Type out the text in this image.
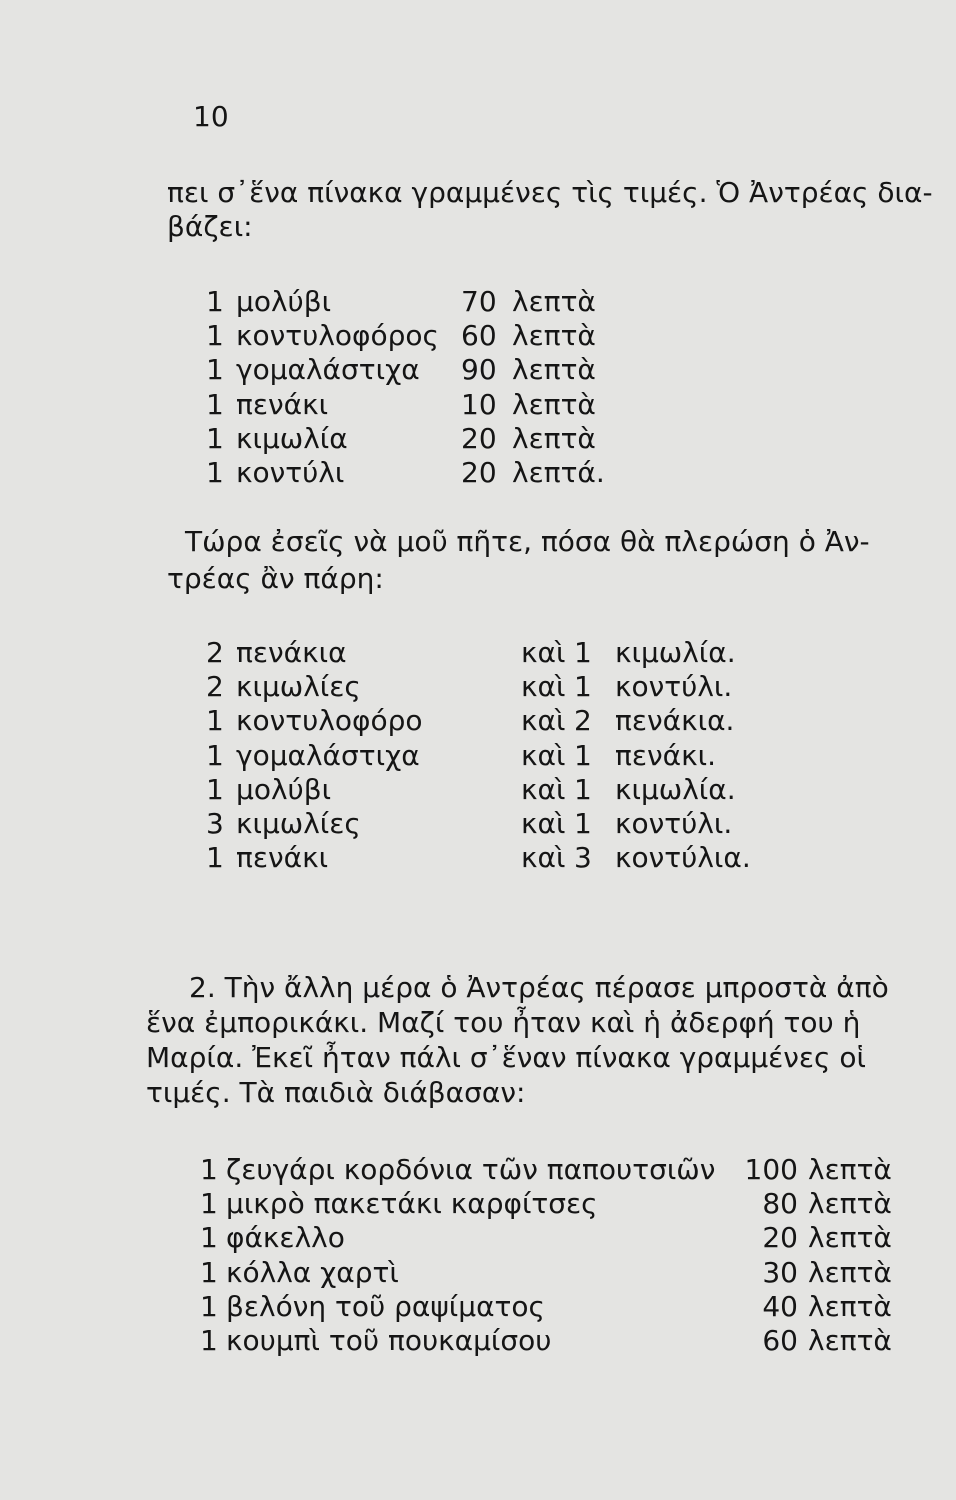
10
πει σ᾽ἕνα πίνακα γραμμένες τὶς τιμές. Ὁ Ἀντρέας δια-
βάζει:
1 μολύβι	70 λεπτὰ
1 κοντυλοφόρος 60 λεπτὰ
1 γομαλάστιχα 90 λεπτὰ
1 πενάκι	10 λεπτὰ
1 κιμωλία	20 λεπτὰ
1 κοντύλι	20 λεπτά.
Τώρα ἐσεῖς νὰ μοῦ πῆτε, πόσα θὰ πλερώση ὁ Ἀν-
τρέας ἂν πάρη:
2 πενάκια	καὶ 1 κιμωλία.
2 κιμωλίες	καὶ 1 κοντύλι.
1 κοντυλοφόρο	καὶ 2 πενάκια.
1 γομαλάστιχα	καὶ 1 πενάκι.
1 μολύβι	καὶ 1 κιμωλία.
3 κιμωλίες	καὶ 1 κοντύλι.
1 πενάκι	καὶ 3 κοντύλια.
2. Τὴν ἄλλη μέρα ὁ Ἀντρέας πέρασε μπροστὰ ἀπὸ
ἕνα ἐμπορικάκι. Μαζί του ἦταν καὶ ἡ ἀδερφή του ἡ
Μαρία. Ἐκεῖ ἦταν πάλι σ᾽ἕναν πίνακα γραμμένες οἱ
τιμές. Τὰ παιδιὰ διάβασαν:
1 ζευγάρι κορδόνια τῶν παπουτσιῶν	100 λεπτὰ
1 μικρὸ πακετάκι καρφίτσες	80 λεπτὰ
1 φάκελλο	20 λεπτὰ
1 κόλλα χαρτὶ	30 λεπτὰ
1 βελόνη τοῦ ραψίματος	40 λεπτὰ
1 κουμπὶ τοῦ πουκαμίσου	60 λεπτὰ
